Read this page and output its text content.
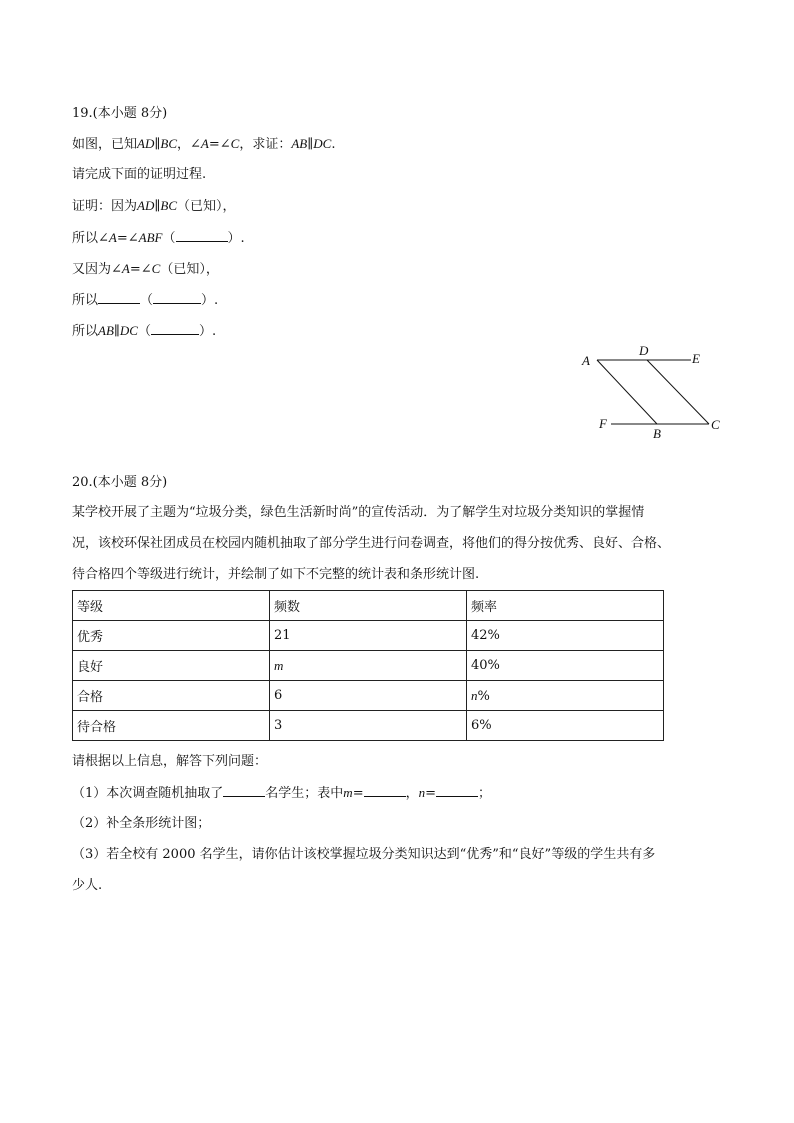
19.(本小题 8分)
如图，已知AD∥BC，∠A=∠C，求证：AB∥DC.
请完成下面的证明过程.
证明：因为AD∥BC（已知），
所以∠A=∠ABF（	）.
又因为∠A=∠C（已知），
所以	（	）.
所以AB∥DC（	）.
A
D
E
F
B
C
20.(本小题 8分)
某学校开展了主题为“垃圾分类，绿色生活新时尚”的宣传活动．为了解学生对垃圾分类知识的掌握情
况，该校环保社团成员在校园内随机抽取了部分学生进行问卷调查，将他们的得分按优秀、良好、合格、
待合格四个等级进行统计，并绘制了如下不完整的统计表和条形统计图.
等级	频数	频率
优秀	21	42%
良好	m	40%
合格	6	n%
待合格	3	6%
请根据以上信息，解答下列问题：
（1）本次调查随机抽取了	名学生；表中m=	，n=	；
（2）补全条形统计图；
（3）若全校有 2000 名学生，请你估计该校掌握垃圾分类知识达到“优秀”和“良好”等级的学生共有多
少人.
